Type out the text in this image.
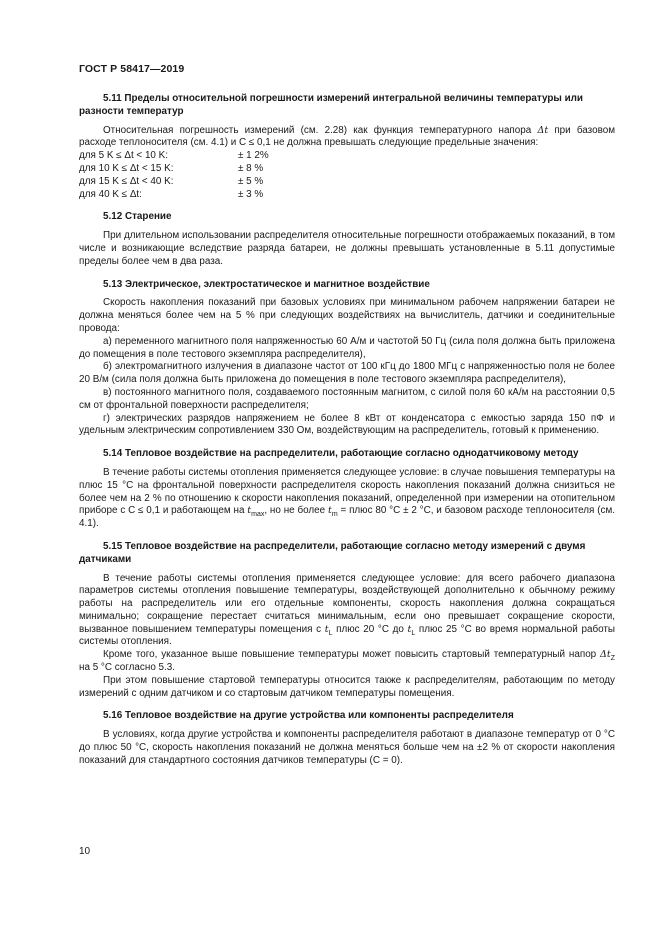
ГОСТ Р 58417—2019
5.11 Пределы относительной погрешности измерений интегральной величины температуры или разности температур

Относительная погрешность измерений (см. 2.28) как функция температурного напора Δt при базовом расходе теплоносителя (см. 4.1) и C ≤ 0,1 не должна превышать следующие предельные значения:

для 5 K ≤ Δt < 10 K:	± 1 2%
для 10 K ≤ Δt < 15 K:	± 8 %
для 15 K ≤ Δt < 40 K:	± 5 %
для 40 K ≤ Δt:	± 3 %
5.12 Старение

При длительном использовании распределителя относительные погрешности отображаемых показаний, в том числе и возникающие вследствие разряда батареи, не должны превышать установленные в 5.11 допустимые пределы более чем в два раза.

5.13 Электрическое, электростатическое и магнитное воздействие

Скорость накопления показаний при базовых условиях при минимальном рабочем напряжении батареи не должна меняться более чем на 5 % при следующих воздействиях на вычислитель, датчики и соединительные провода:

а) переменного магнитного поля напряженностью 60 А/м и частотой 50 Гц (сила поля должна быть приложена до помещения в поле тестового экземпляра распределителя),

б) электромагнитного излучения в диапазоне частот от 100 кГц до 1800 МГц с напряженностью поля не более 20 В/м (сила поля должна быть приложена до помещения в поле тестового экземпляра распределителя),

в) постоянного магнитного поля, создаваемого постоянным магнитом, с силой поля 60 кА/м на расстоянии 0,5 см от фронтальной поверхности распределителя;

г) электрических разрядов напряжением не более 8 кВт от конденсатора с емкостью заряда 150 пФ и удельным электрическим сопротивлением 330 Ом, воздействующим на распределитель, готовый к применению.

5.14 Тепловое воздействие на распределители, работающие согласно однодатчиковому методу

В течение работы системы отопления применяется следующее условие: в случае повышения температуры на плюс 15 °С на фронтальной поверхности распределителя скорость накопления показаний должна снизиться не более чем на 2 % по отношению к скорости накопления показаний, определенной при измерении на отопительном приборе с C ≤ 0,1 и работающем на $t_{max}$, но не более $t_m$ = плюс 80 °С ± 2 °С, и базовом расходе теплоносителя (см. 4.1).

5.15 Тепловое воздействие на распределители, работающие согласно методу измерений с двумя датчиками

В течение работы системы отопления применяется следующее условие: для всего рабочего диапазона параметров системы отопления повышение температуры, воздействующей дополнительно к обычному режиму работы на распределитель или его отдельные компоненты, скорость накопления должна сокращаться минимально; сокращение перестает считаться минимальным, если оно превышает сокращение скорости, вызванное повышением температуры помещения с $t_L$ плюс 20 °С до $t_L$ плюс 25 °С во время нормальной работы системы отопления.

Кроме того, указанное выше повышение температуры может повысить стартовый температурный напор $\Delta t_Z$ на 5 °С согласно 5.3.

При этом повышение стартовой температуры относится также к распределителям, работающим по методу измерений с одним датчиком и со стартовым датчиком температуры помещения.

5.16 Тепловое воздействие на другие устройства или компоненты распределителя

В условиях, когда другие устройства и компоненты распределителя работают в диапазоне температур от 0 °С до плюс 50 °С, скорость накопления показаний не должна меняться больше чем на ±2 % от скорости накопления показаний для стандартного состояния датчиков температуры (C = 0).

10
